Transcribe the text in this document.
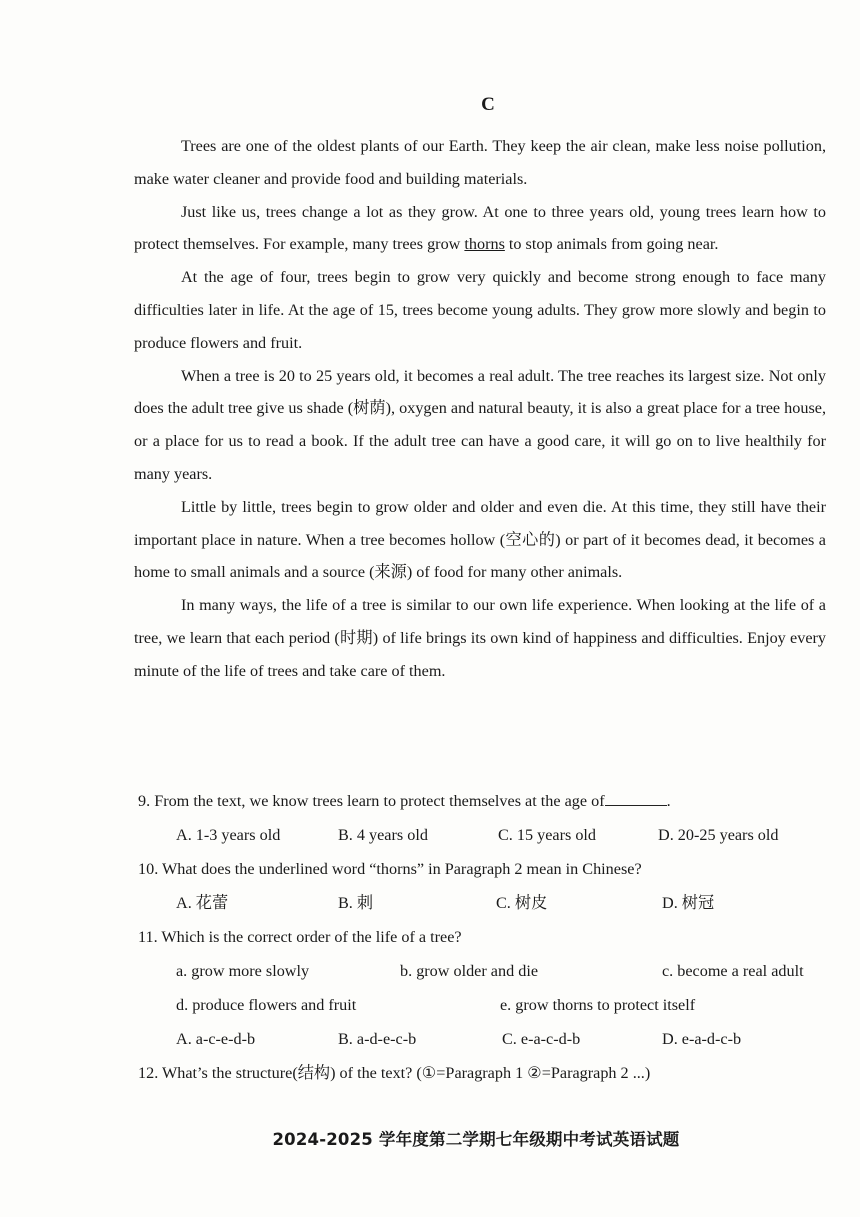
C

Trees are one of the oldest plants of our Earth. They keep the air clean, make less noise pollution, make water cleaner and provide food and building materials.

Just like us, trees change a lot as they grow. At one to three years old, young trees learn how to protect themselves. For example, many trees grow thorns to stop animals from going near.

At the age of four, trees begin to grow very quickly and become strong enough to face many difficulties later in life. At the age of 15, trees become young adults. They grow more slowly and begin to produce flowers and fruit.

When a tree is 20 to 25 years old, it becomes a real adult. The tree reaches its largest size. Not only does the adult tree give us shade (树荫), oxygen and natural beauty, it is also a great place for a tree house, or a place for us to read a book. If the adult tree can have a good care, it will go on to live healthily for many years.

Little by little, trees begin to grow older and older and even die. At this time, they still have their important place in nature. When a tree becomes hollow (空心的) or part of it becomes dead, it becomes a home to small animals and a source (来源) of food for many other animals.

In many ways, the life of a tree is similar to our own life experience. When looking at the life of a tree, we learn that each period (时期) of life brings its own kind of happiness and difficulties. Enjoy every minute of the life of trees and take care of them.

9. From the text, we know trees learn to protect themselves at the age of	.
A. 1-3 years old	B. 4 years old	C. 15 years old	D. 20-25 years old
10. What does the underlined word “thorns” in Paragraph 2 mean in Chinese?
A. 花蕾	B. 刺	C. 树皮	D. 树冠
11. Which is the correct order of the life of a tree?
a. grow more slowly	b. grow older and die	c. become a real adult
d. produce flowers and fruit	e. grow thorns to protect itself
A. a-c-e-d-b	B. a-d-e-c-b	C. e-a-c-d-b	D. e-a-d-c-b
12. What’s the structure(结构) of the text? (①=Paragraph 1 ②=Paragraph 2 ...)
2024-2025 学年度第二学期七年级期中考试英语试题
